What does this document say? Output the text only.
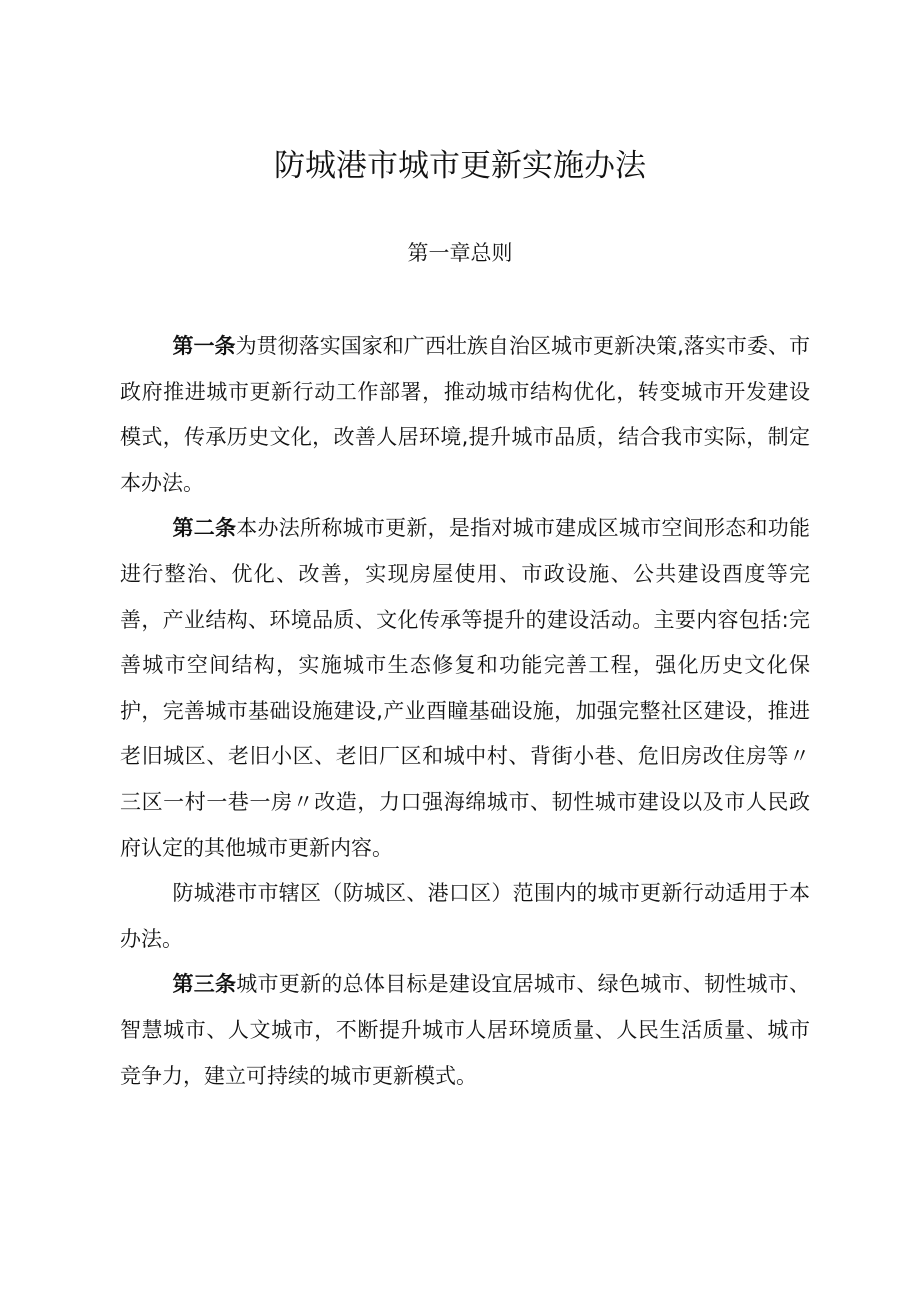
防城港市城市更新实施办法
第一章总则

第一条为贯彻落实国家和广西壮族自治区城市更新决策,落实市委、市政府推进城市更新行动工作部署，推动城市结构优化，转变城市开发建设模式，传承历史文化，改善人居环境,提升城市品质，结合我市实际，制定本办法。

第二条本办法所称城市更新，是指对城市建成区城市空间形态和功能进行整治、优化、改善，实现房屋使用、市政设施、公共建设酉度等完善，产业结构、环境品质、文化传承等提升的建设活动。主要内容包括:完善城市空间结构，实施城市生态修复和功能完善工程，强化历史文化保护，完善城市基础设施建设,产业酉瞳基础设施，加强完整社区建设，推进老旧城区、老旧小区、老旧厂区和城中村、背街小巷、危旧房改住房等〃三区一村一巷一房〃改造，力口强海绵城市、韧性城市建设以及市人民政府认定的其他城市更新内容。

防城港市市辖区（防城区、港口区）范围内的城市更新行动适用于本办法。

第三条城市更新的总体目标是建设宜居城市、绿色城市、韧性城市、智慧城市、人文城市，不断提升城市人居环境质量、人民生活质量、城市竞争力，建立可持续的城市更新模式。
